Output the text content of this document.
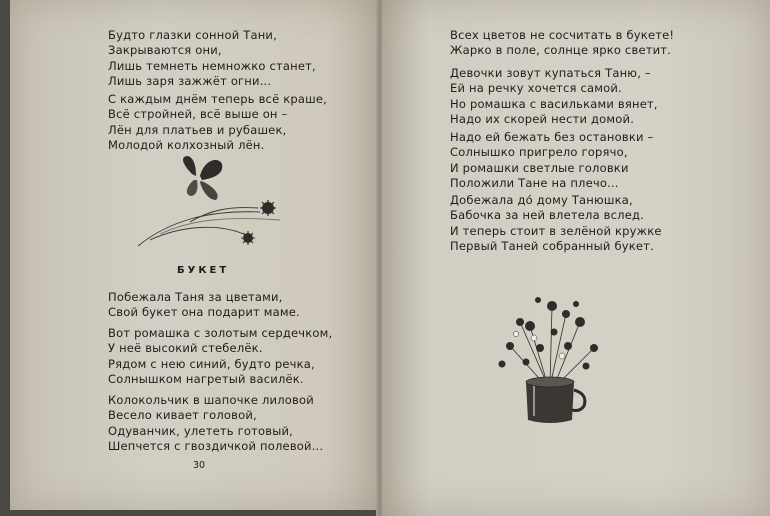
Будто глазки сонной Тани,
Закрываются они,
Лишь темнеть немножко станет,
Лишь заря зажжёт огни...
С каждым днём теперь всё краше,
Всё стройней, всё выше он –
Лён для платьев и рубашек,
Молодой колхозный лён.
БУКЕТ
Побежала Таня за цветами,
Свой букет она подарит маме.
Вот ромашка с золотым сердечком,
У неё высокий стебелёк.
Рядом с нею синий, будто речка,
Солнышком нагретый василёк.
Колокольчик в шапочке лиловой
Весело кивает головой,
Одуванчик, улететь готовый,
Шепчется с гвоздичкой полевой...
30
Всех цветов не сосчитать в букете!
Жарко в поле, солнце ярко светит.
Девочки зовут купаться Таню, –
Ей на речку хочется самой.
Но ромашка с васильками вянет,
Надо их скорей нести домой.
Надо ей бежать без остановки –
Солнышко пригрело горячо,
И ромашки светлые головки
Положили Тане на плечо...
Добежала до́ дому Танюшка,
Бабочка за ней влетела вслед.
И теперь стоит в зелёной кружке
Первый Таней собранный букет.
